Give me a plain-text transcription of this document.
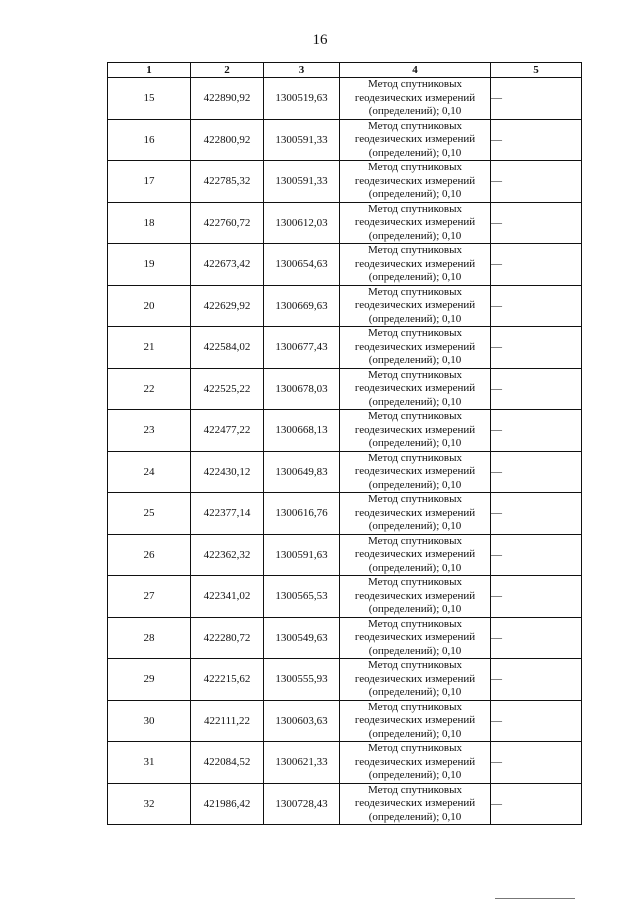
16
1	2	3	4	5
15	422890,92	1300519,63	Метод спутниковых
геодезических измерений
(определений); 0,10	—
16	422800,92	1300591,33	Метод спутниковых
геодезических измерений
(определений); 0,10	—
17	422785,32	1300591,33	Метод спутниковых
геодезических измерений
(определений); 0,10	—
18	422760,72	1300612,03	Метод спутниковых
геодезических измерений
(определений); 0,10	—
19	422673,42	1300654,63	Метод спутниковых
геодезических измерений
(определений); 0,10	—
20	422629,92	1300669,63	Метод спутниковых
геодезических измерений
(определений); 0,10	—
21	422584,02	1300677,43	Метод спутниковых
геодезических измерений
(определений); 0,10	—
22	422525,22	1300678,03	Метод спутниковых
геодезических измерений
(определений); 0,10	—
23	422477,22	1300668,13	Метод спутниковых
геодезических измерений
(определений); 0,10	—
24	422430,12	1300649,83	Метод спутниковых
геодезических измерений
(определений); 0,10	—
25	422377,14	1300616,76	Метод спутниковых
геодезических измерений
(определений); 0,10	—
26	422362,32	1300591,63	Метод спутниковых
геодезических измерений
(определений); 0,10	—
27	422341,02	1300565,53	Метод спутниковых
геодезических измерений
(определений); 0,10	—
28	422280,72	1300549,63	Метод спутниковых
геодезических измерений
(определений); 0,10	—
29	422215,62	1300555,93	Метод спутниковых
геодезических измерений
(определений); 0,10	—
30	422111,22	1300603,63	Метод спутниковых
геодезических измерений
(определений); 0,10	—
31	422084,52	1300621,33	Метод спутниковых
геодезических измерений
(определений); 0,10	—
32	421986,42	1300728,43	Метод спутниковых
геодезических измерений
(определений); 0,10	—
